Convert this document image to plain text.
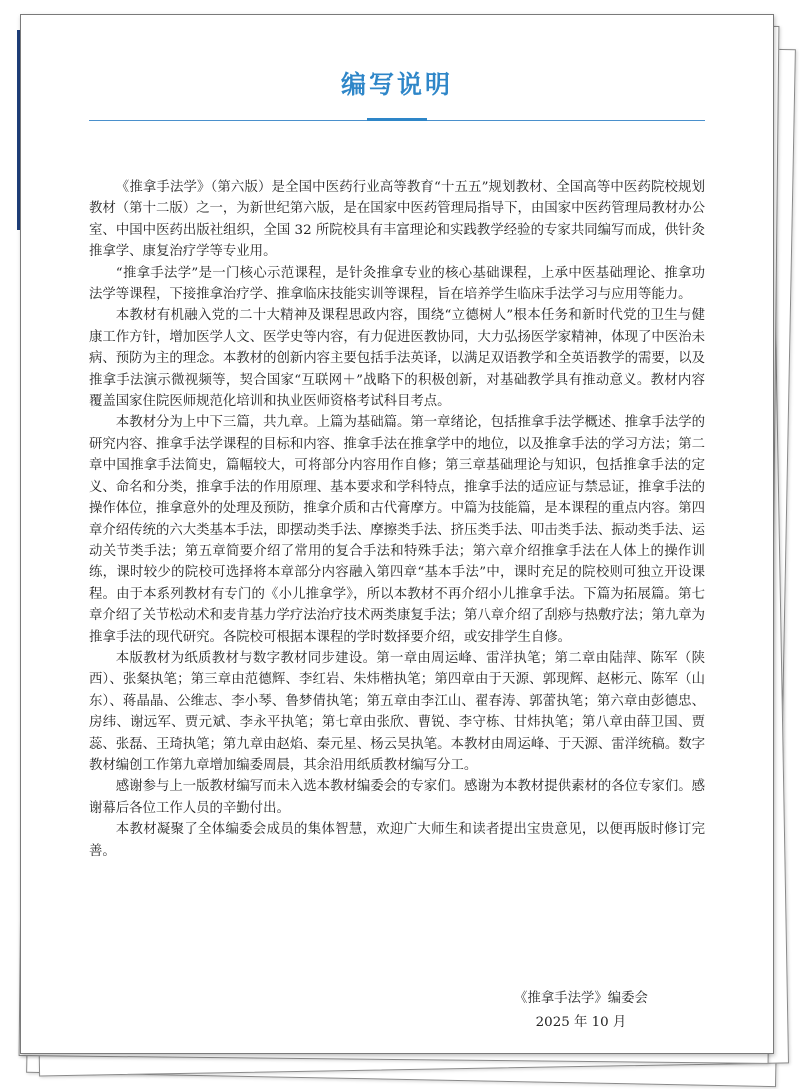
编写说明

《推拿手法学》（第六版）是全国中医药行业高等教育“十五五”规划教材、全国高等中医药院校规划教材（第十二版）之一，为新世纪第六版，是在国家中医药管理局指导下，由国家中医药管理局教材办公室、中国中医药出版社组织，全国 32 所院校具有丰富理论和实践教学经验的专家共同编写而成，供针灸推拿学、康复治疗学等专业用。

“推拿手法学”是一门核心示范课程，是针灸推拿专业的核心基础课程，上承中医基础理论、推拿功法学等课程，下接推拿治疗学、推拿临床技能实训等课程，旨在培养学生临床手法学习与应用等能力。

本教材有机融入党的二十大精神及课程思政内容，围绕“立德树人”根本任务和新时代党的卫生与健康工作方针，增加医学人文、医学史等内容，有力促进医教协同，大力弘扬医学家精神，体现了中医治未病、预防为主的理念。本教材的创新内容主要包括手法英译，以满足双语教学和全英语教学的需要，以及推拿手法演示微视频等，契合国家“互联网＋”战略下的积极创新，对基础教学具有推动意义。教材内容覆盖国家住院医师规范化培训和执业医师资格考试科目考点。

本教材分为上中下三篇，共九章。上篇为基础篇。第一章绪论，包括推拿手法学概述、推拿手法学的研究内容、推拿手法学课程的目标和内容、推拿手法在推拿学中的地位，以及推拿手法的学习方法；第二章中国推拿手法简史，篇幅较大，可将部分内容用作自修；第三章基础理论与知识，包括推拿手法的定义、命名和分类，推拿手法的作用原理、基本要求和学科特点，推拿手法的适应证与禁忌证，推拿手法的操作体位，推拿意外的处理及预防，推拿介质和古代膏摩方。中篇为技能篇，是本课程的重点内容。第四章介绍传统的六大类基本手法，即摆动类手法、摩擦类手法、挤压类手法、叩击类手法、振动类手法、运动关节类手法；第五章简要介绍了常用的复合手法和特殊手法；第六章介绍推拿手法在人体上的操作训练，课时较少的院校可选择将本章部分内容融入第四章“基本手法”中，课时充足的院校则可独立开设课程。由于本系列教材有专门的《小儿推拿学》，所以本教材不再介绍小儿推拿手法。下篇为拓展篇。第七章介绍了关节松动术和麦肯基力学疗法治疗技术两类康复手法；第八章介绍了刮痧与热敷疗法；第九章为推拿手法的现代研究。各院校可根据本课程的学时数择要介绍，或安排学生自修。

本版教材为纸质教材与数字教材同步建设。第一章由周运峰、雷洋执笔；第二章由陆萍、陈军（陕西）、张粲执笔；第三章由范德辉、李红岩、朱炜楷执笔；第四章由于天源、郭现辉、赵彬元、陈军（山东）、蒋晶晶、公维志、李小琴、鲁梦倩执笔；第五章由李江山、翟春涛、郭蕾执笔；第六章由彭德忠、房纬、谢远军、贾元斌、李永平执笔；第七章由张欣、曹锐、李守栋、甘炜执笔；第八章由薛卫国、贾蕊、张磊、王琦执笔；第九章由赵焰、秦元星、杨云昊执笔。本教材由周运峰、于天源、雷洋统稿。数字教材编创工作第九章增加编委周晨，其余沿用纸质教材编写分工。

感谢参与上一版教材编写而未入选本教材编委会的专家们。感谢为本教材提供素材的各位专家们。感谢幕后各位工作人员的辛勤付出。

本教材凝聚了全体编委会成员的集体智慧，欢迎广大师生和读者提出宝贵意见，以便再版时修订完善。

《推拿手法学》编委会
2025 年 10 月
